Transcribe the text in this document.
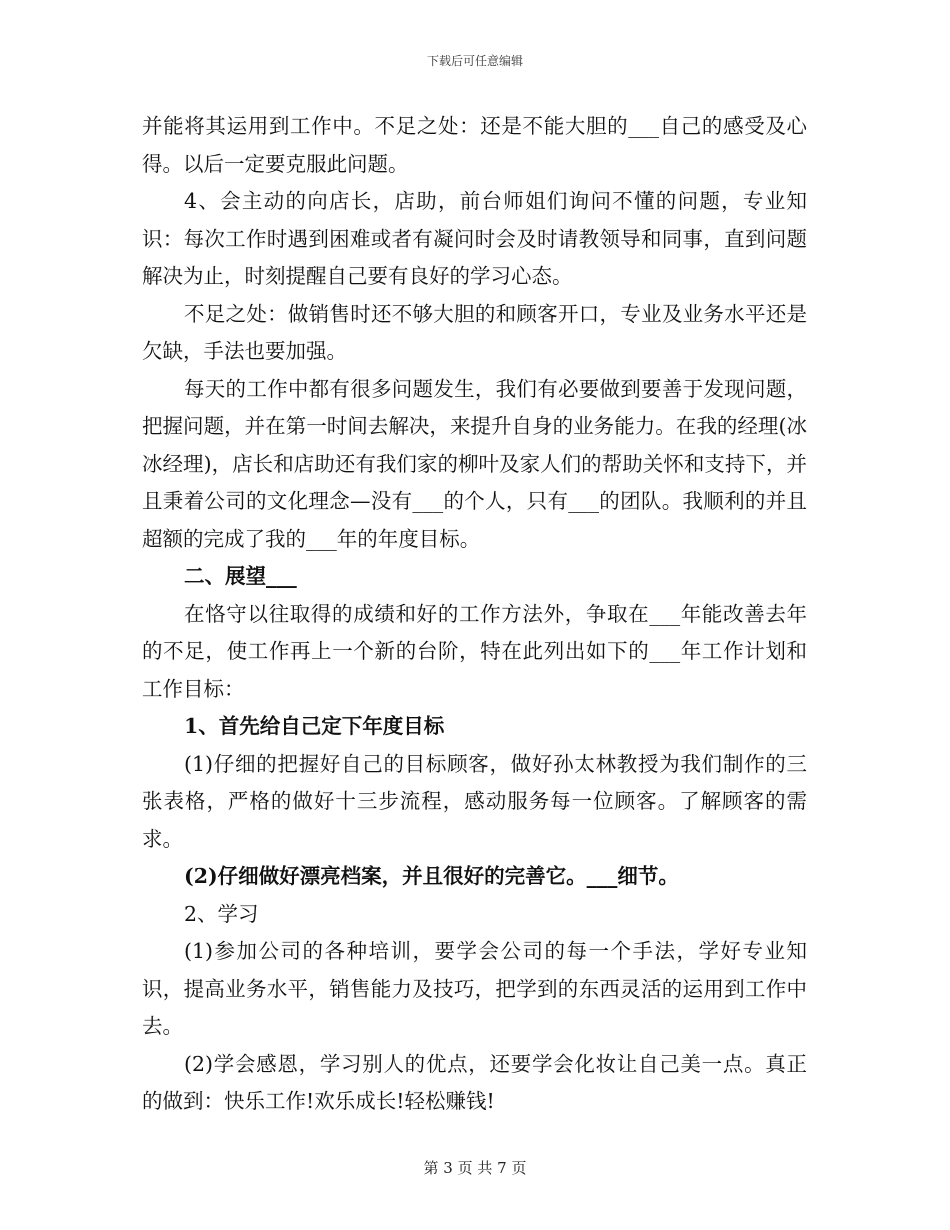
下载后可任意编辑

并能将其运用到工作中。不足之处：还是不能大胆的___自己的感受及心得。以后一定要克服此问题。

4、会主动的向店长，店助，前台师姐们询问不懂的问题，专业知识：每次工作时遇到困难或者有凝问时会及时请教领导和同事，直到问题解决为止，时刻提醒自己要有良好的学习心态。

不足之处：做销售时还不够大胆的和顾客开口，专业及业务水平还是欠缺，手法也要加强。

每天的工作中都有很多问题发生，我们有必要做到要善于发现问题，把握问题，并在第一时间去解决，来提升自身的业务能力。在我的经理(冰冰经理)，店长和店助还有我们家的柳叶及家人们的帮助关怀和支持下，并且秉着公司的文化理念—没有___的个人，只有___的团队。我顺利的并且超额的完成了我的___年的年度目标。

二、展望___

在恪守以往取得的成绩和好的工作方法外，争取在___年能改善去年的不足，使工作再上一个新的台阶，特在此列出如下的___年工作计划和工作目标：

1、首先给自己定下年度目标

(1)仔细的把握好自己的目标顾客，做好孙太林教授为我们制作的三张表格，严格的做好十三步流程，感动服务每一位顾客。了解顾客的需求。

(2)仔细做好漂亮档案，并且很好的完善它。___细节。

2、学习

(1)参加公司的各种培训，要学会公司的每一个手法，学好专业知识，提高业务水平，销售能力及技巧，把学到的东西灵活的运用到工作中去。

(2)学会感恩，学习别人的优点，还要学会化妆让自己美一点。真正的做到：快乐工作!欢乐成长!轻松赚钱!

第 3 页 共 7 页
